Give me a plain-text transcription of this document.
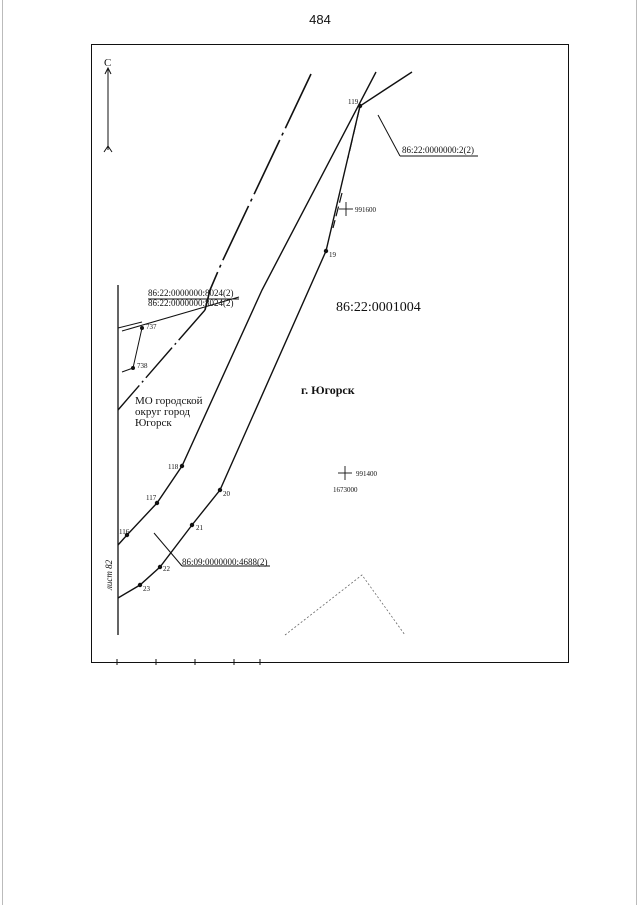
484
С
лист 82
119
19
737
738
118
117
116
20
21
22
23
991600
991400
1673000
86:22:0000000:2(2)
86:22:0001004
86:22:0000000:8024(2)
86:22:0000000:8024(2)
86:09:0000000:4688(2)
г. Югорск
МО городской
округ город
Югорск
